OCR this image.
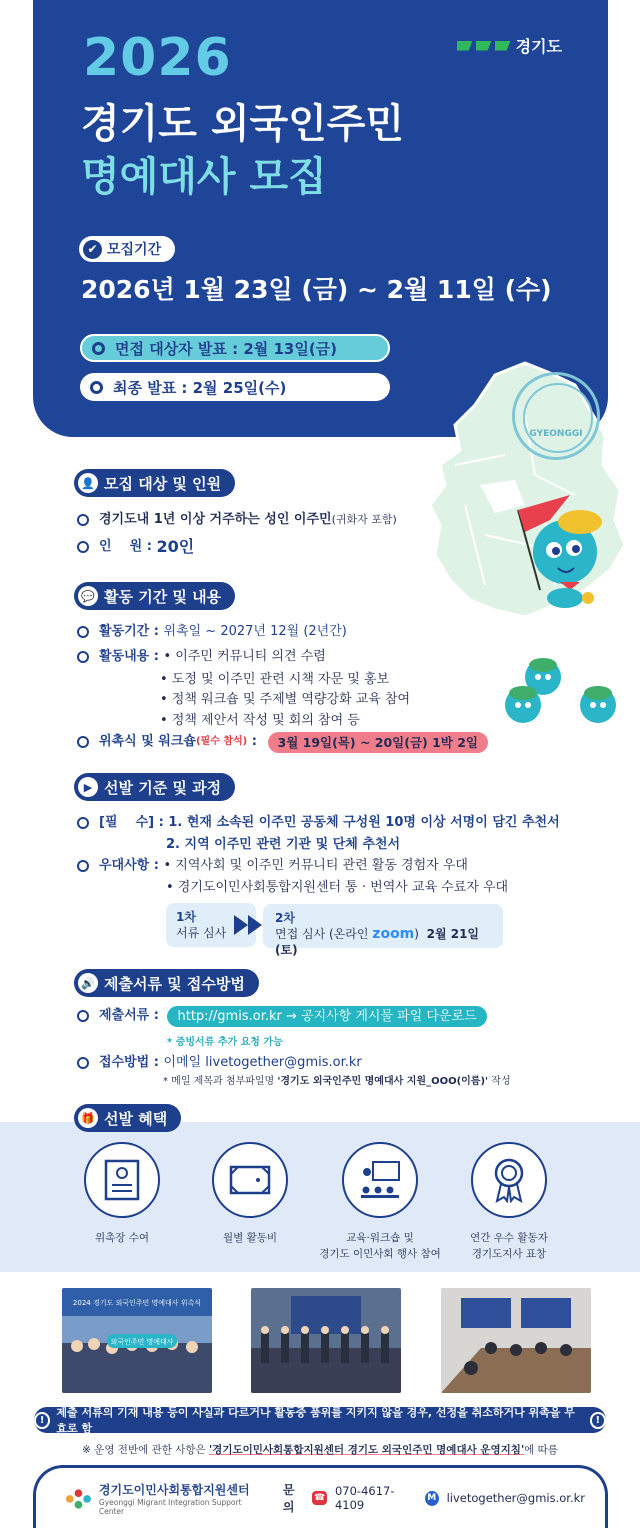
2026
경기도 외국인주민
명예대사 모집
경기도
✔ 모집기간
2026년 1월 23일 (금) ~ 2월 11일 (수)
면접 대상자 발표 : 2월 13일(금)
최종 발표 : 2월 25일(수)
GYEONGGI
👤 모집 대상 및 인원
경기도내 1년 이상 거주하는 성인 이주민 (귀화자 포함)
인    원 : 20인
💬 활동 기간 및 내용
활동기간 : 위촉일 ~ 2027년 12월 (2년간)
활동내용 : • 이주민 커뮤니티 의견 수렴
• 도정 및 이주민 관련 시책 자문 및 홍보
• 정책 워크숍 및 주제별 역량강화 교육 참여
• 정책 제안서 작성 및 회의 참여 등
위촉식 및 워크숍 (필수 참석) :	3월 19일(목) ~ 20일(금) 1박 2일
▶ 선발 기준 및 과정
[필    수] : 1. 현재 소속된 이주민 공동체 구성원 10명 이상 서명이 담긴 추천서
2. 지역 이주민 관련 기관 및 단체 추천서
우대사항 : • 지역사회 및 이주민 커뮤니티 관련 활동 경험자 우대
• 경기도이민사회통합지원센터 통 · 번역사 교육 수료자 우대
1차
서류 심사
2차
면접 심사 (온라인 zoom) 2월 21일(토)
🔊 제출서류 및 접수방법
제출서류 :	http://gmis.or.kr → 공지사항 게시물 파일 다운로드
* 증빙서류 추가 요청 가능
접수방법 : 이메일 livetogether@gmis.or.kr
* 메일 제목과 첨부파일명 '경기도 외국인주민 명예대사 지원_OOO(이름)' 작성
🎁 선발 혜택
위촉장 수여	월별 활동비	교육·워크숍 및
경기도 이민사회 행사 참여
연간 우수 활동자
경기도지사 표창
2024 경기도 외국인주민 명예대사 위촉식
외국인주민 명예대사
!
제출 서류의 기재 내용 등이 사실과 다르거나 활동중 품위를 지키지 않을 경우, 선정을 취소하거나 위촉을 무효로 함
!
※ 운영 전반에 관한 사항은 '경기도이민사회통합지원센터 경기도 외국인주민 명예대사 운영지침'에 따름
경기도이민사회통합지원센터
Gyeonggi Migrant Integration Support Center
문의
☎ 070-4617-4109	M livetogether@gmis.or.kr
